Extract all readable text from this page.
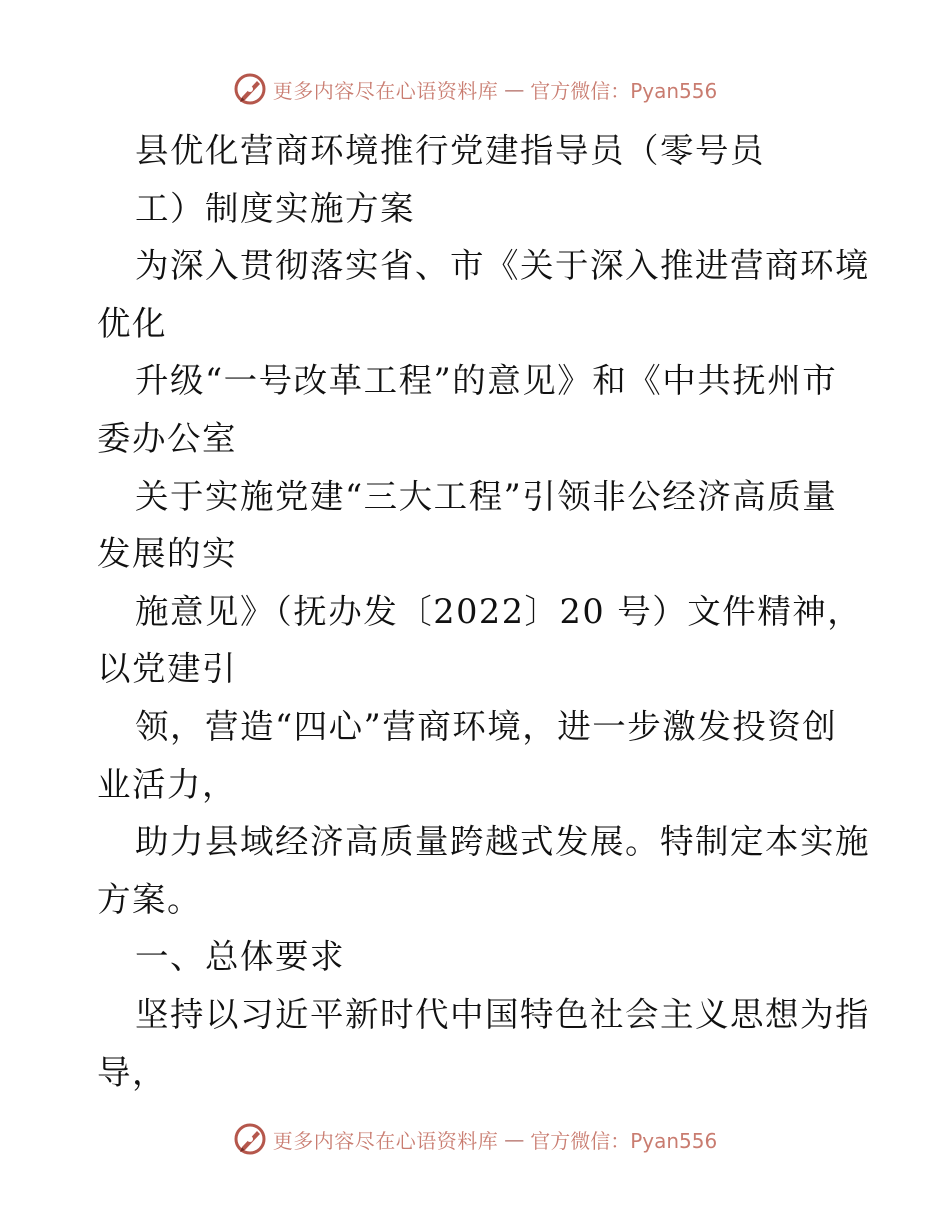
更多内容尽在心语资料库 — 官方微信：Pyan556
县优化营商环境推行党建指导员（零号员
工）制度实施方案
为深入贯彻落实省、市《关于深入推进营商环境
优化
升级“一号改革工程”的意见》和《中共抚州市
委办公室
关于实施党建“三大工程”引领非公经济高质量
发展的实
施意见》（抚办发〔2022〕20 号）文件精神，
以党建引
领，营造“四心”营商环境，进一步激发投资创
业活力，
助力县域经济高质量跨越式发展。特制定本实施
方案。
一、总体要求
坚持以习近平新时代中国特色社会主义思想为指
导，
更多内容尽在心语资料库 — 官方微信：Pyan556
